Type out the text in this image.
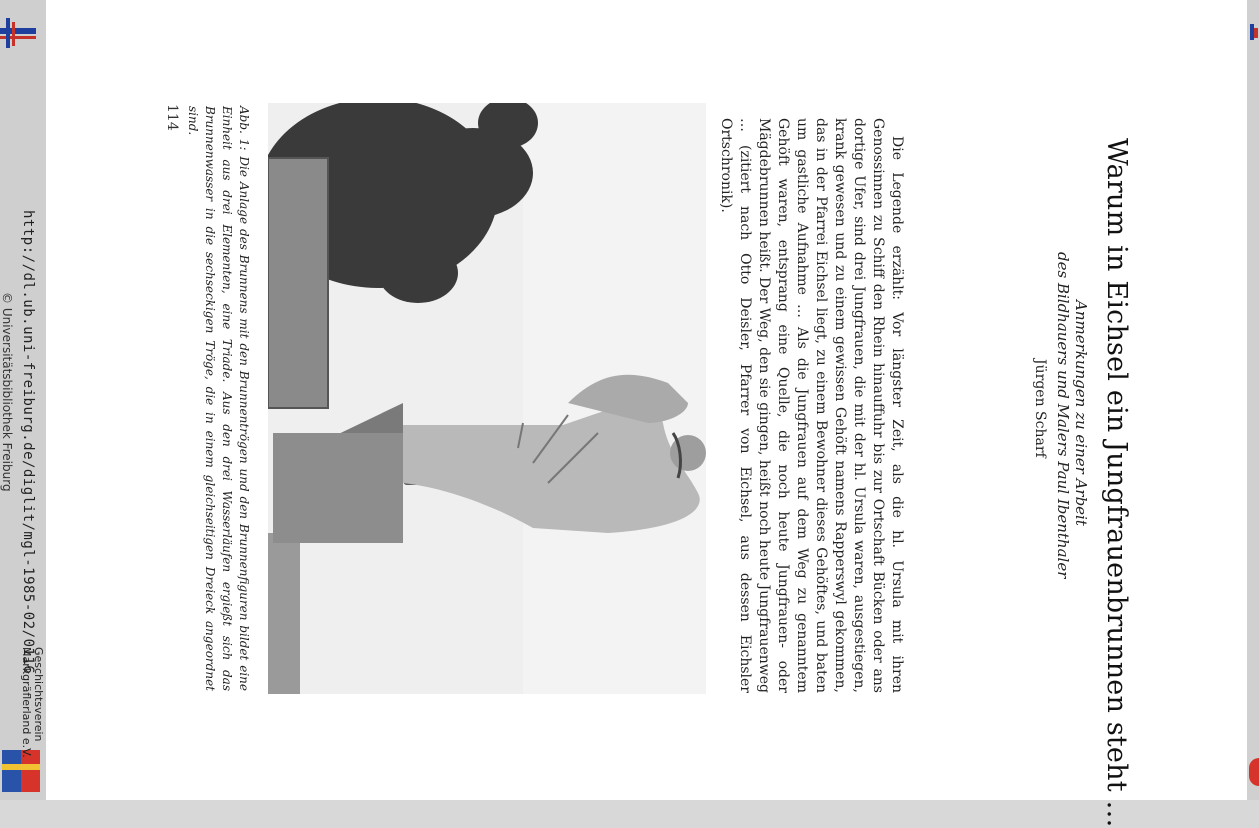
http://dl.ub.uni-freiburg.de/diglit/mgl-1985-02/0116
© Universitätsbibliothek Freiburg
Geschichtsverein
Markgräflerland e.V.	Warum in Eichsel ein Jungfrauenbrunnen steht …
Anmerkungen zu einer Arbeit
des Bildhauers und Malers Paul Ibenthaler
Jürgen Scharf
Die Legende erzählt: Vor längster Zeit, als die hl. Ursula mit ihren Genossinnen zu Schiff den Rhein hinauffuhr bis zur Ortschaft Bücken oder ans dortige Ufer, sind drei Jungfrauen, die mit der hl. Ursula waren, ausgestiegen, krank gewesen und zu einem gewissen Gehöft namens Rapperswyl gekommen, das in der Pfarrei Eichsel liegt, zu einem Bewohner dieses Gehöftes, und baten um gastliche Aufnahme … Als die Jungfrauen auf dem Weg zu genanntem Gehöft waren, entsprang eine Quelle, die noch heute Jungfrauen- oder Mägdebrunnen heißt. Der Weg, den sie gingen, heißt noch heute Jungfrauenweg … (zitiert nach Otto Deisler, Pfarrer von Eichsel, aus dessen Eichsler Ortschronik).
Abb. 1:Die Anlage des Brunnens mit den Brunnentrögen und den Brunnenfiguren bildet eine Einheit aus drei Elementen, eine Triade. Aus den drei Wasserläufen ergießt sich das Brunnenwasser in die sechseckigen Tröge, die in einem gleichseitigen Dreieck angeordnet sind.
114
